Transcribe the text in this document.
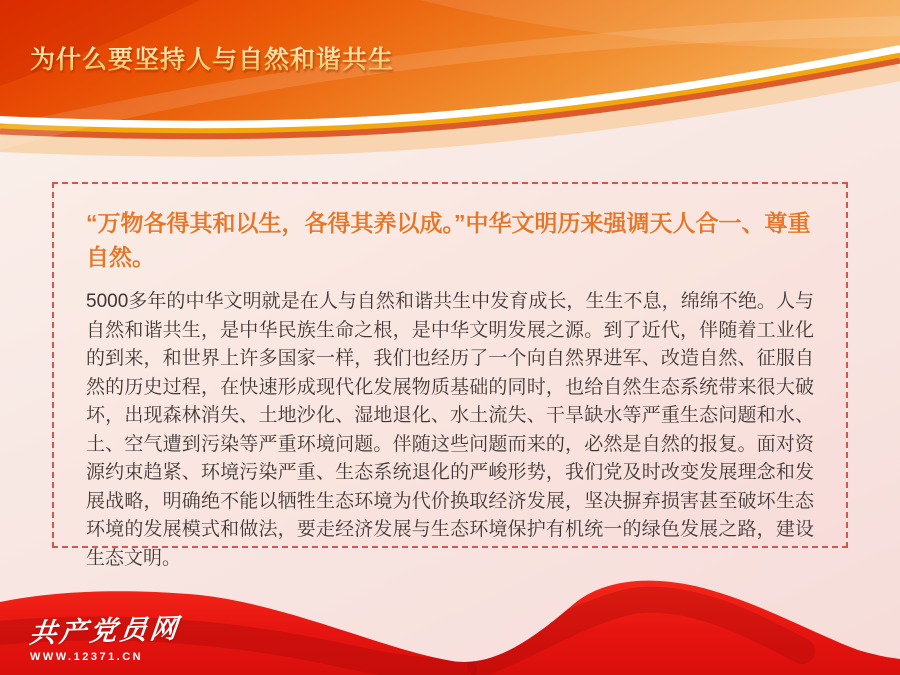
为什么要坚持人与自然和谐共生
“万物各得其和以生，各得其养以成。”中华文明历来强调天人合一、尊重自然。

5000多年的中华文明就是在人与自然和谐共生中发育成长，生生不息，绵绵不绝。人与自然和谐共生，是中华民族生命之根，是中华文明发展之源。到了近代，伴随着工业化的到来，和世界上许多国家一样，我们也经历了一个向自然界进军、改造自然、征服自然的历史过程，在快速形成现代化发展物质基础的同时，也给自然生态系统带来很大破坏，出现森林消失、土地沙化、湿地退化、水土流失、干旱缺水等严重生态问题和水、土、空气遭到污染等严重环境问题。伴随这些问题而来的，必然是自然的报复。面对资源约束趋紧、环境污染严重、生态系统退化的严峻形势，我们党及时改变发展理念和发展战略，明确绝不能以牺牲生态环境为代价换取经济发展，坚决摒弃损害甚至破坏生态环境的发展模式和做法，要走经济发展与生态环境保护有机统一的绿色发展之路，建设生态文明。

共产党员网
WWW.12371.CN
